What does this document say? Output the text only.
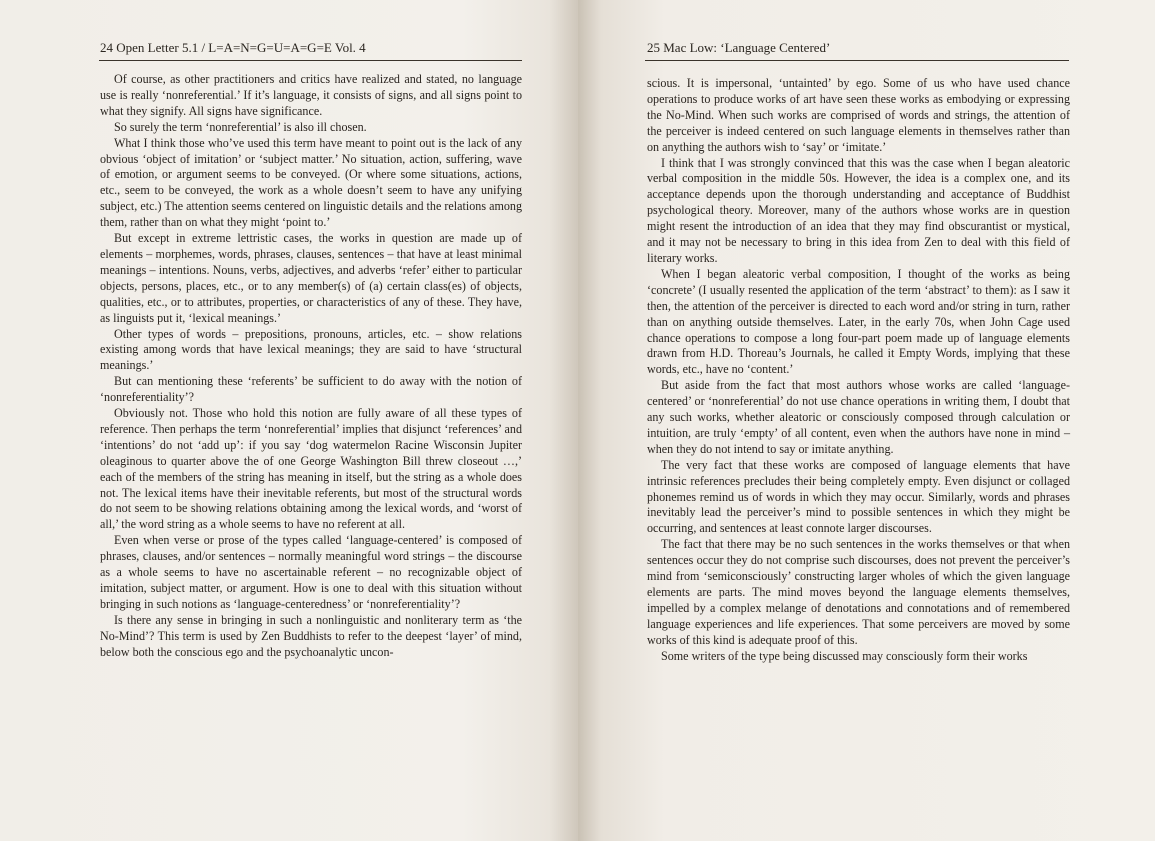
24 Open Letter 5.1 / L=A=N=G=U=A=G=E Vol. 4

Of course, as other practitioners and critics have realized and stated, no language use is really ‘nonreferential.’ If it’s language, it consists of signs, and all signs point to what they signify. All signs have significance.

So surely the term ‘nonreferential’ is also ill chosen.

What I think those who’ve used this term have meant to point out is the lack of any obvious ‘object of imitation’ or ‘subject matter.’ No situation, action, suffering, wave of emotion, or argument seems to be conveyed. (Or where some situations, actions, etc., seem to be conveyed, the work as a whole doesn’t seem to have any unifying subject, etc.) The attention seems centered on linguistic details and the relations among them, rather than on what they might ‘point to.’

But except in extreme lettristic cases, the works in question are made up of elements – morphemes, words, phrases, clauses, sentences – that have at least minimal meanings – intentions. Nouns, verbs, adjectives, and adverbs ‘refer’ either to particular objects, persons, places, etc., or to any member(s) of (a) certain class(es) of objects, qualities, etc., or to attributes, properties, or characteristics of any of these. They have, as linguists put it, ‘lexical meanings.’

Other types of words – prepositions, pronouns, articles, etc. – show relations existing among words that have lexical meanings; they are said to have ‘structural meanings.’

But can mentioning these ‘referents’ be sufficient to do away with the notion of ‘nonreferentiality’?

Obviously not. Those who hold this notion are fully aware of all these types of reference. Then perhaps the term ‘nonreferential’ implies that disjunct ‘references’ and ‘intentions’ do not ‘add up’: if you say ‘dog watermelon Racine Wisconsin Jupiter oleaginous to quarter above the of one George Washington Bill threw closeout …,’ each of the members of the string has meaning in itself, but the string as a whole does not. The lexical items have their inevitable referents, but most of the structural words do not seem to be showing relations obtaining among the lexical words, and ‘worst of all,’ the word string as a whole seems to have no referent at all.

Even when verse or prose of the types called ‘language-centered’ is composed of phrases, clauses, and/or sentences – normally meaningful word strings – the discourse as a whole seems to have no ascertainable referent – no recognizable object of imitation, subject matter, or argument. How is one to deal with this situation without bringing in such notions as ‘language-centeredness’ or ‘nonreferentiality’?

Is there any sense in bringing in such a nonlinguistic and nonliterary term as ‘the No-Mind’? This term is used by Zen Buddhists to refer to the deepest ‘layer’ of mind, below both the conscious ego and the psychoanalytic uncon-

25 Mac Low: ‘Language Centered’

scious. It is impersonal, ‘untainted’ by ego. Some of us who have used chance operations to produce works of art have seen these works as embodying or expressing the No-Mind. When such works are comprised of words and strings, the attention of the perceiver is indeed centered on such language elements in themselves rather than on anything the authors wish to ‘say’ or ‘imitate.’

I think that I was strongly convinced that this was the case when I began aleatoric verbal composition in the middle 50s. However, the idea is a complex one, and its acceptance depends upon the thorough understanding and acceptance of Buddhist psychological theory. Moreover, many of the authors whose works are in question might resent the introduction of an idea that they may find obscurantist or mystical, and it may not be necessary to bring in this idea from Zen to deal with this field of literary works.

When I began aleatoric verbal composition, I thought of the works as being ‘concrete’ (I usually resented the application of the term ‘abstract’ to them): as I saw it then, the attention of the perceiver is directed to each word and/or string in turn, rather than on anything outside themselves. Later, in the early 70s, when John Cage used chance operations to compose a long four-part poem made up of language elements drawn from H.D. Thoreau’s Journals, he called it Empty Words, implying that these words, etc., have no ‘content.’

But aside from the fact that most authors whose works are called ‘language-centered’ or ‘nonreferential’ do not use chance operations in writing them, I doubt that any such works, whether aleatoric or consciously composed through calculation or intuition, are truly ‘empty’ of all content, even when the authors have none in mind – when they do not intend to say or imitate anything.

The very fact that these works are composed of language elements that have intrinsic references precludes their being completely empty. Even disjunct or collaged phonemes remind us of words in which they may occur. Similarly, words and phrases inevitably lead the perceiver’s mind to possible sentences in which they might be occurring, and sentences at least connote larger discourses.

The fact that there may be no such sentences in the works themselves or that when sentences occur they do not comprise such discourses, does not prevent the perceiver’s mind from ‘semiconsciously’ constructing larger wholes of which the given language elements are parts. The mind moves beyond the language elements themselves, impelled by a complex melange of denotations and connotations and of remembered language experiences and life experiences. That some perceivers are moved by some works of this kind is adequate proof of this.

Some writers of the type being discussed may consciously form their works
